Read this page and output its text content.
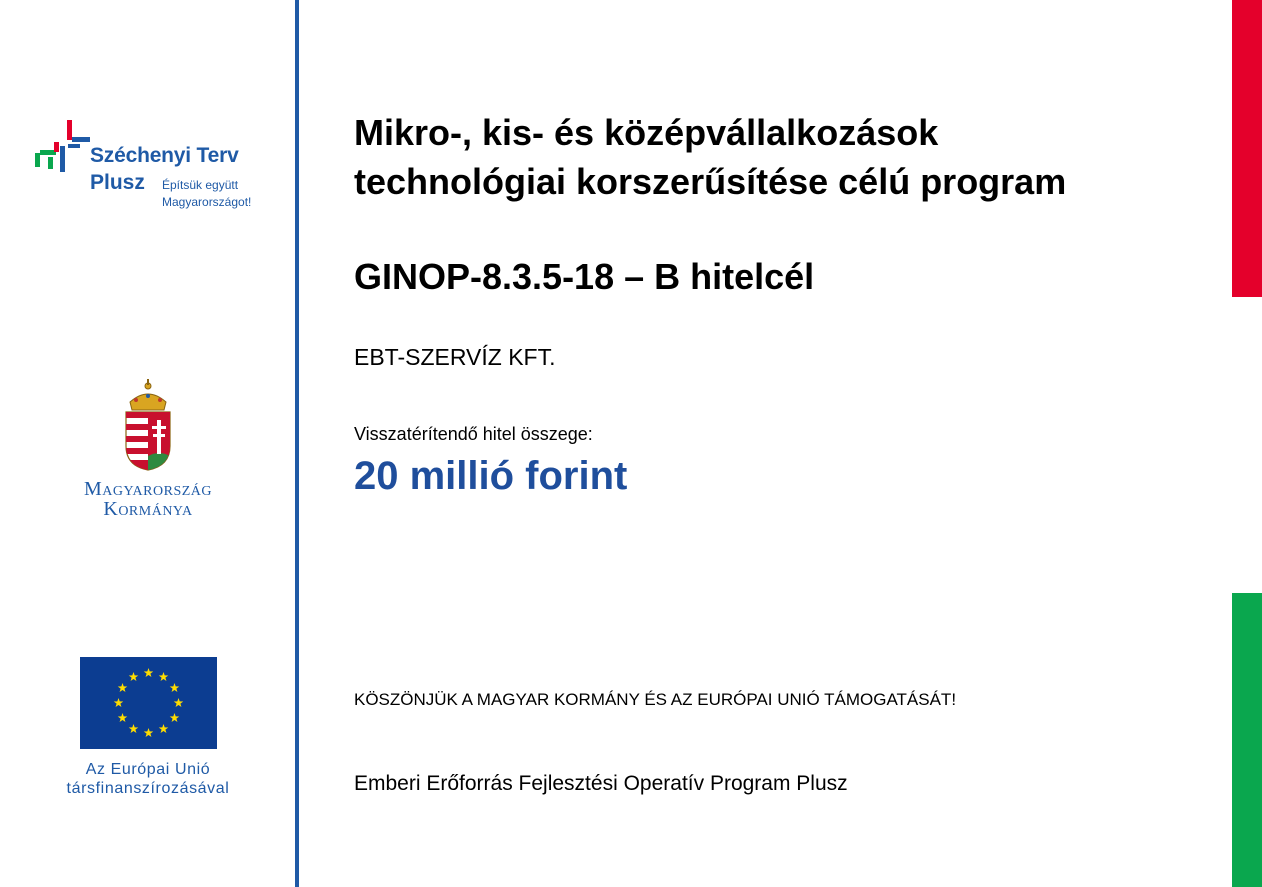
Széchenyi Terv
Plusz Építsük együtt
Magyarországot!
Magyarország
Kormánya
Az Európai Unió
társfinanszírozásával
Mikro-, kis- és középvállalkozások
technológiai korszerűsítése célú program
GINOP-8.3.5-18 – B hitelcél
EBT-SZERVÍZ KFT.
Visszatérítendő hitel összege:
20 millió forint
KÖSZÖNJÜK A MAGYAR KORMÁNY ÉS AZ EURÓPAI UNIÓ TÁMOGATÁSÁT!
Emberi Erőforrás Fejlesztési Operatív Program Plusz
